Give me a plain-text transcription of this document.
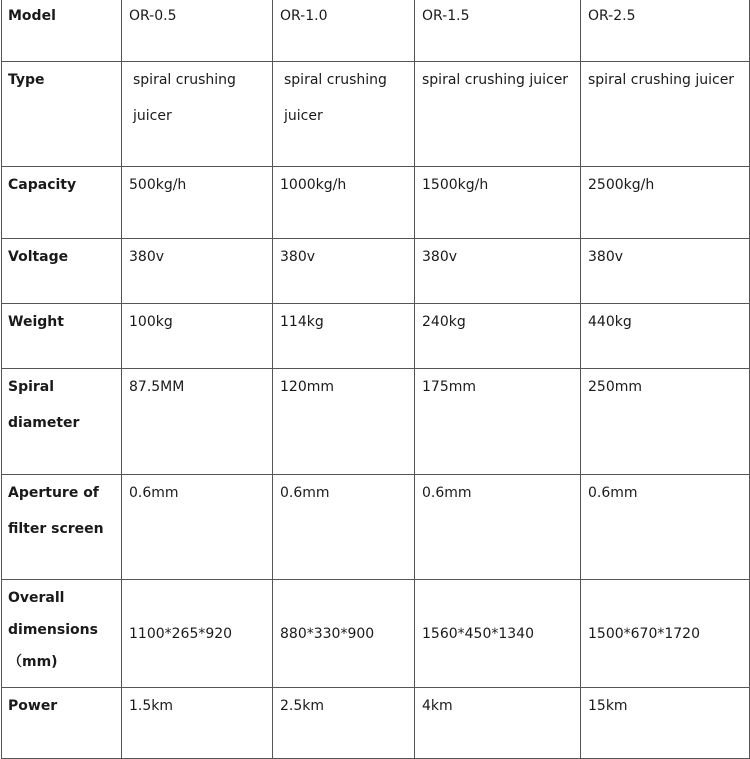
Model	OR-0.5	OR-1.0	OR-1.5	OR-2.5

Type	spiral crushing juicer	spiral crushing juicer	spiral crushing juicer	spiral crushing juicer

Capacity	500kg/h	1000kg/h	1500kg/h	2500kg/h

Voltage	380v	380v	380v	380v

Weight	100kg	114kg	240kg	440kg

Spiral diameter	87.5MM	120mm	175mm	250mm

Aperture of filter screen	0.6mm	0.6mm	0.6mm	0.6mm

Overall dimensions （mm)	1100*265*920	880*330*900	1560*450*1340	1500*670*1720

Power	1.5km	2.5km	4km	15km
